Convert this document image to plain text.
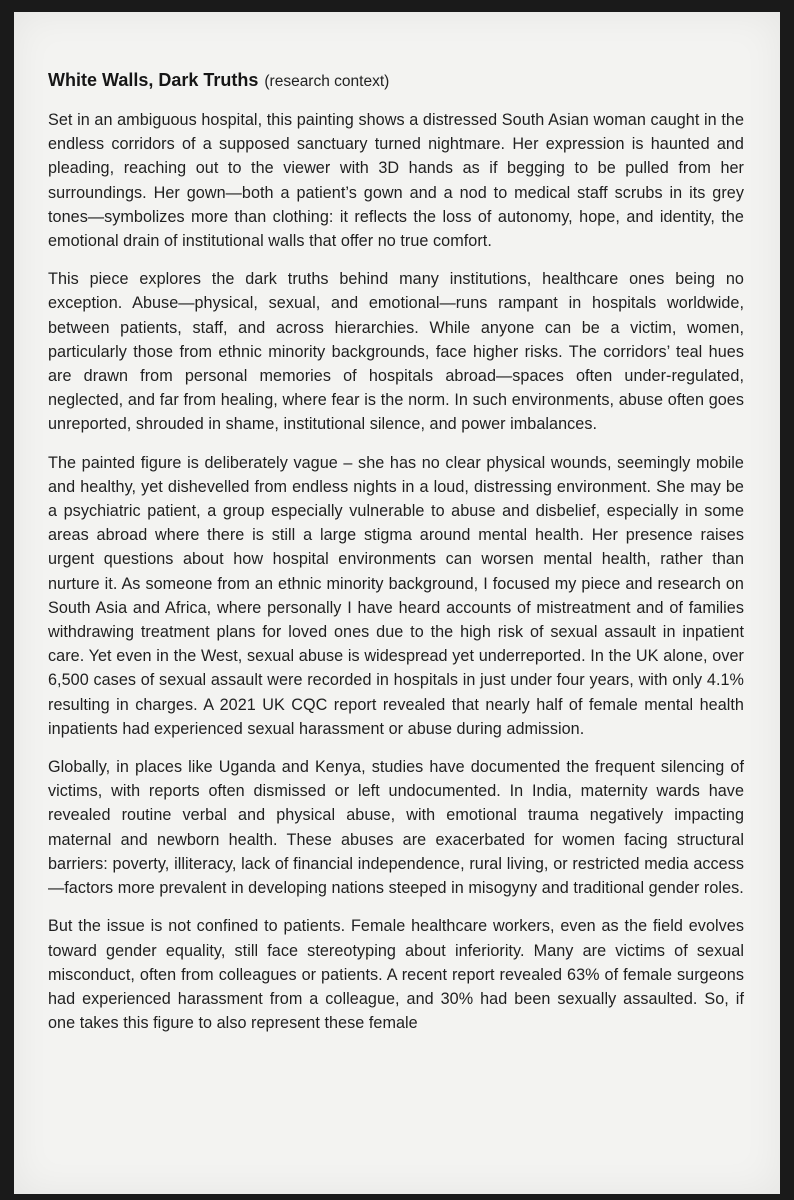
White Walls, Dark Truths (research context)

Set in an ambiguous hospital, this painting shows a distressed South Asian woman caught in the endless corridors of a supposed sanctuary turned nightmare. Her expression is haunted and pleading, reaching out to the viewer with 3D hands as if begging to be pulled from her surroundings. Her gown—both a patient’s gown and a nod to medical staff scrubs in its grey tones—symbolizes more than clothing: it reflects the loss of autonomy, hope, and identity, the emotional drain of institutional walls that offer no true comfort.

This piece explores the dark truths behind many institutions, healthcare ones being no exception. Abuse—physical, sexual, and emotional—runs rampant in hospitals worldwide, between patients, staff, and across hierarchies. While anyone can be a victim, women, particularly those from ethnic minority backgrounds, face higher risks. The corridors’ teal hues are drawn from personal memories of hospitals abroad—spaces often under-regulated, neglected, and far from healing, where fear is the norm. In such environments, abuse often goes unreported, shrouded in shame, institutional silence, and power imbalances.

The painted figure is deliberately vague – she has no clear physical wounds, seemingly mobile and healthy, yet dishevelled from endless nights in a loud, distressing environment. She may be a psychiatric patient, a group especially vulnerable to abuse and disbelief, especially in some areas abroad where there is still a large stigma around mental health. Her presence raises urgent questions about how hospital environments can worsen mental health, rather than nurture it. As someone from an ethnic minority background, I focused my piece and research on South Asia and Africa, where personally I have heard accounts of mistreatment and of families withdrawing treatment plans for loved ones due to the high risk of sexual assault in inpatient care. Yet even in the West, sexual abuse is widespread yet underreported. In the UK alone, over 6,500 cases of sexual assault were recorded in hospitals in just under four years, with only 4.1% resulting in charges. A 2021 UK CQC report revealed that nearly half of female mental health inpatients had experienced sexual harassment or abuse during admission.

Globally, in places like Uganda and Kenya, studies have documented the frequent silencing of victims, with reports often dismissed or left undocumented. In India, maternity wards have revealed routine verbal and physical abuse, with emotional trauma negatively impacting maternal and newborn health. These abuses are exacerbated for women facing structural barriers: poverty, illiteracy, lack of financial independence, rural living, or restricted media access—factors more prevalent in developing nations steeped in misogyny and traditional gender roles.

But the issue is not confined to patients. Female healthcare workers, even as the field evolves toward gender equality, still face stereotyping about inferiority. Many are victims of sexual misconduct, often from colleagues or patients. A recent report revealed 63% of female surgeons had experienced harassment from a colleague, and 30% had been sexually assaulted. So, if one takes this figure to also represent these female
